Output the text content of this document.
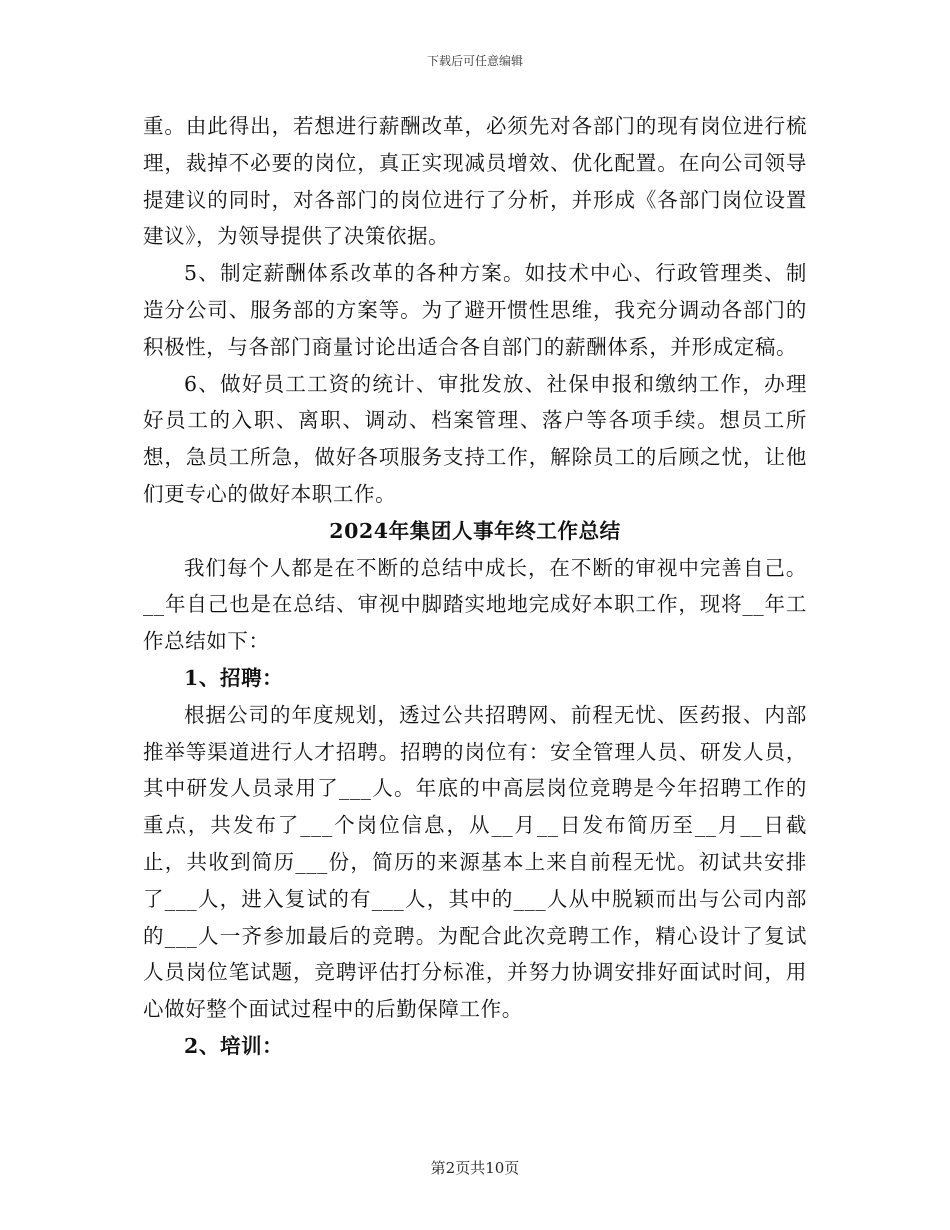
下载后可任意编辑

重。由此得出，若想进行薪酬改革，必须先对各部门的现有岗位进行梳理，裁掉不必要的岗位，真正实现减员增效、优化配置。在向公司领导提建议的同时，对各部门的岗位进行了分析，并形成《各部门岗位设置建议》，为领导提供了决策依据。

5、制定薪酬体系改革的各种方案。如技术中心、行政管理类、制造分公司、服务部的方案等。为了避开惯性思维，我充分调动各部门的积极性，与各部门商量讨论出适合各自部门的薪酬体系，并形成定稿。

6、做好员工工资的统计、审批发放、社保申报和缴纳工作，办理好员工的入职、离职、调动、档案管理、落户等各项手续。想员工所想，急员工所急，做好各项服务支持工作，解除员工的后顾之忧，让他们更专心的做好本职工作。

2024年集团人事年终工作总结

我们每个人都是在不断的总结中成长，在不断的审视中完善自己。__年自己也是在总结、审视中脚踏实地地完成好本职工作，现将__年工作总结如下：

1、招聘：

根据公司的年度规划，透过公共招聘网、前程无忧、医药报、内部推举等渠道进行人才招聘。招聘的岗位有：安全管理人员、研发人员，其中研发人员录用了___人。年底的中高层岗位竞聘是今年招聘工作的重点，共发布了___个岗位信息，从__月__日发布简历至__月__日截止，共收到简历___份，简历的来源基本上来自前程无忧。初试共安排了___人，进入复试的有___人，其中的___人从中脱颖而出与公司内部的___人一齐参加最后的竞聘。为配合此次竞聘工作，精心设计了复试人员岗位笔试题，竞聘评估打分标准，并努力协调安排好面试时间，用心做好整个面试过程中的后勤保障工作。

2、培训：

第2页共10页
